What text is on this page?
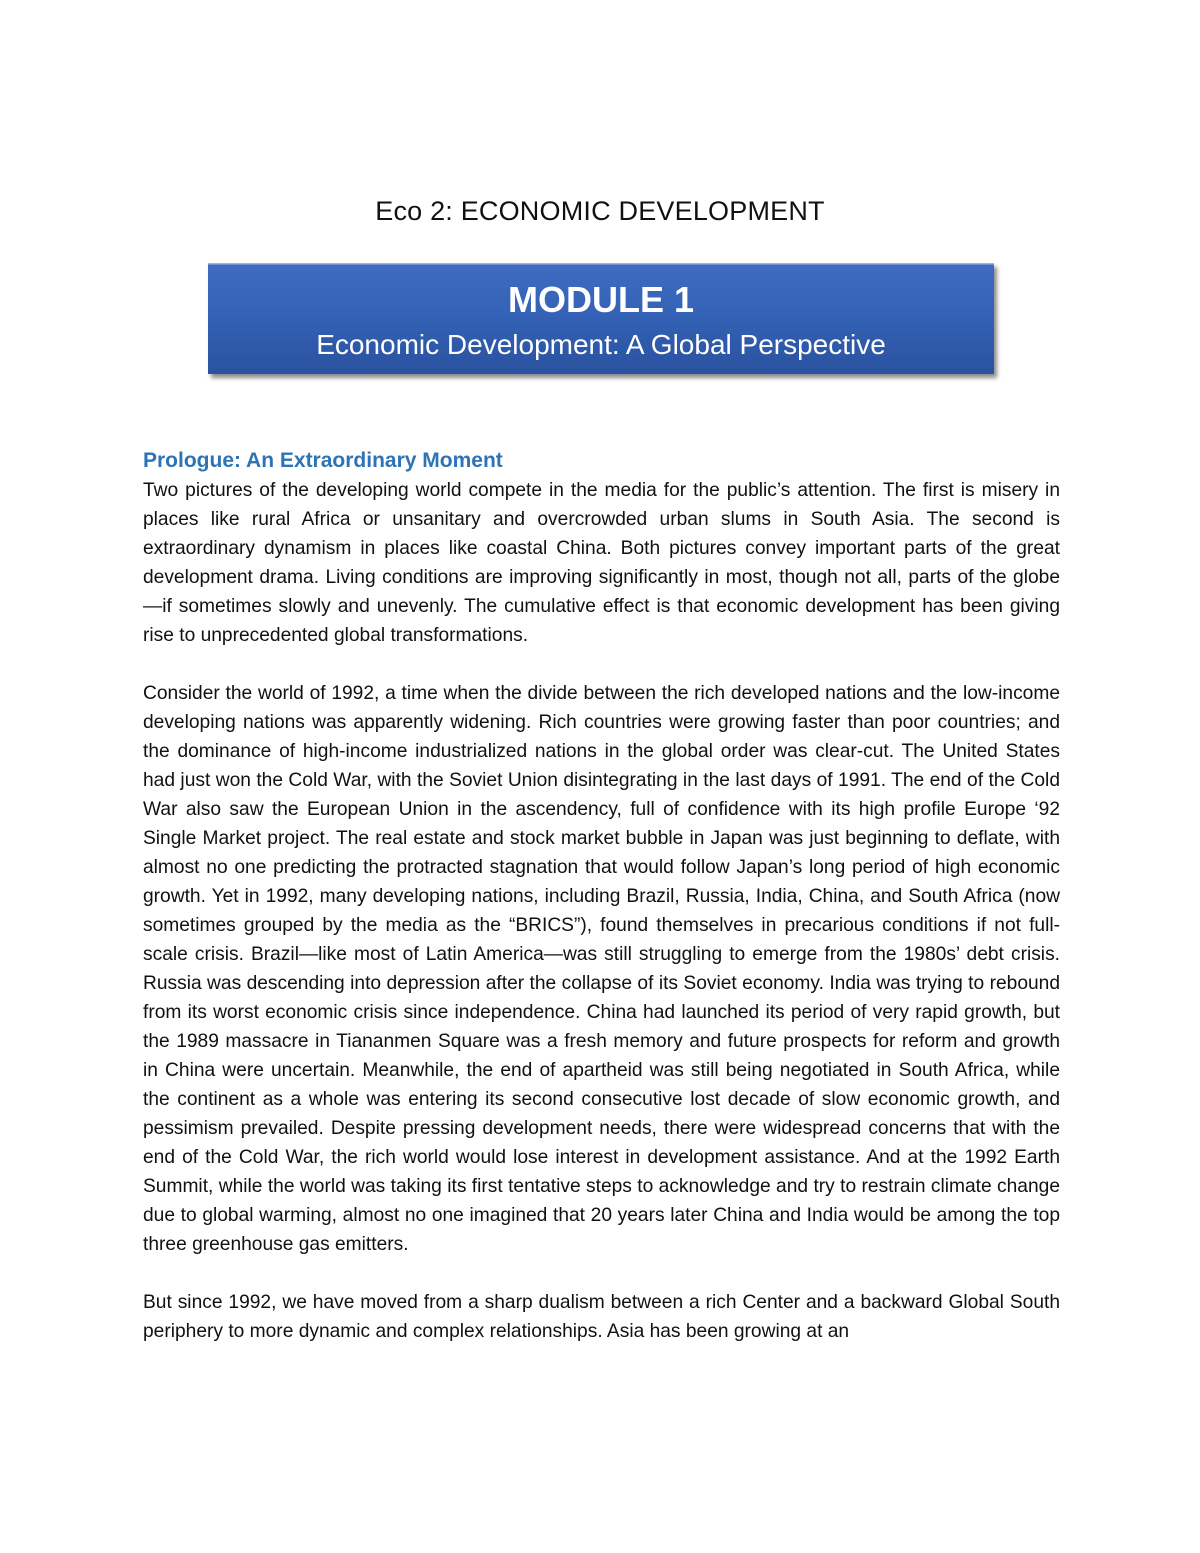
Eco 2: ECONOMIC DEVELOPMENT
MODULE 1
Economic Development: A Global Perspective
Prologue: An Extraordinary Moment

Two pictures of the developing world compete in the media for the public’s attention. The first is misery in places like rural Africa or unsanitary and overcrowded urban slums in South Asia. The second is extraordinary dynamism in places like coastal China. Both pictures convey important parts of the great development drama. Living conditions are improving significantly in most, though not all, parts of the globe—if sometimes slowly and unevenly. The cumulative effect is that economic development has been giving rise to unprecedented global transformations.

Consider the world of 1992, a time when the divide between the rich developed nations and the low-income developing nations was apparently widening. Rich countries were growing faster than poor countries; and the dominance of high-income industrialized nations in the global order was clear-cut. The United States had just won the Cold War, with the Soviet Union disintegrating in the last days of 1991. The end of the Cold War also saw the European Union in the ascendency, full of confidence with its high profile Europe ‘92 Single Market project. The real estate and stock market bubble in Japan was just beginning to deflate, with almost no one predicting the protracted stagnation that would follow Japan’s long period of high economic growth. Yet in 1992, many developing nations, including Brazil, Russia, India, China, and South Africa (now sometimes grouped by the media as the “BRICS”), found themselves in precarious conditions if not full-scale crisis. Brazil—like most of Latin America—was still struggling to emerge from the 1980s’ debt crisis. Russia was descending into depression after the collapse of its Soviet economy. India was trying to rebound from its worst economic crisis since independence. China had launched its period of very rapid growth, but the 1989 massacre in Tiananmen Square was a fresh memory and future prospects for reform and growth in China were uncertain. Meanwhile, the end of apartheid was still being negotiated in South Africa, while the continent as a whole was entering its second consecutive lost decade of slow economic growth, and pessimism prevailed. Despite pressing development needs, there were widespread concerns that with the end of the Cold War, the rich world would lose interest in development assistance. And at the 1992 Earth Summit, while the world was taking its first tentative steps to acknowledge and try to restrain climate change due to global warming, almost no one imagined that 20 years later China and India would be among the top three greenhouse gas emitters.

But since 1992, we have moved from a sharp dualism between a rich Center and a backward Global South periphery to more dynamic and complex relationships. Asia has been growing at an
